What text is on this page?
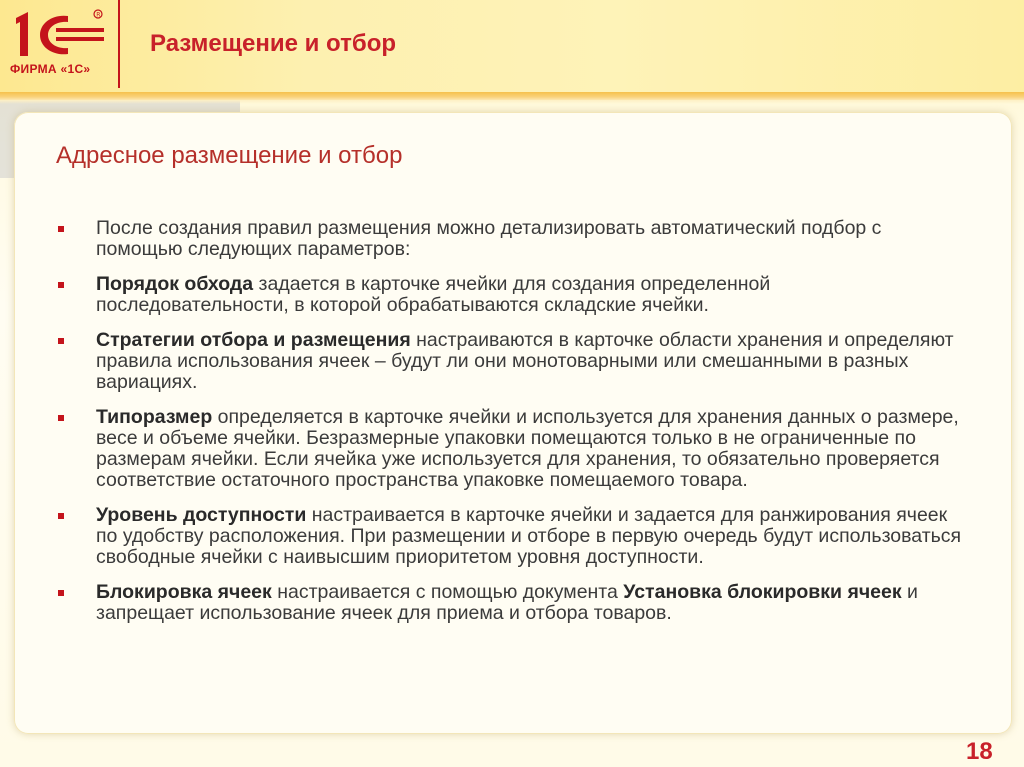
R
ФИРМА «1С»
Размещение и отбор
Адресное размещение и отбор
После создания правил размещения можно детализировать автоматический подбор с помощью следующих параметров:
Порядок обхода задается в карточке ячейки для создания определенной последовательности, в которой обрабатываются складские ячейки.
Стратегии отбора и размещения настраиваются в карточке области хранения и определяют правила использования ячеек – будут ли они монотоварными или смешанными в разных вариациях.
Типоразмер определяется в карточке ячейки и используется для хранения данных о размере, весе и объеме ячейки. Безразмерные упаковки помещаются только в не ограниченные по размерам ячейки. Если ячейка уже используется для хранения, то обязательно проверяется соответствие остаточного пространства упаковке помещаемого товара.
Уровень доступности настраивается в карточке ячейки и задается для ранжирования ячеек по удобству расположения. При размещении и отборе в первую очередь будут использоваться свободные ячейки с наивысшим приоритетом уровня доступности.
Блокировка ячеек настраивается с помощью документа Установка блокировки ячеек и запрещает использование ячеек для приема и отбора товаров.
18
